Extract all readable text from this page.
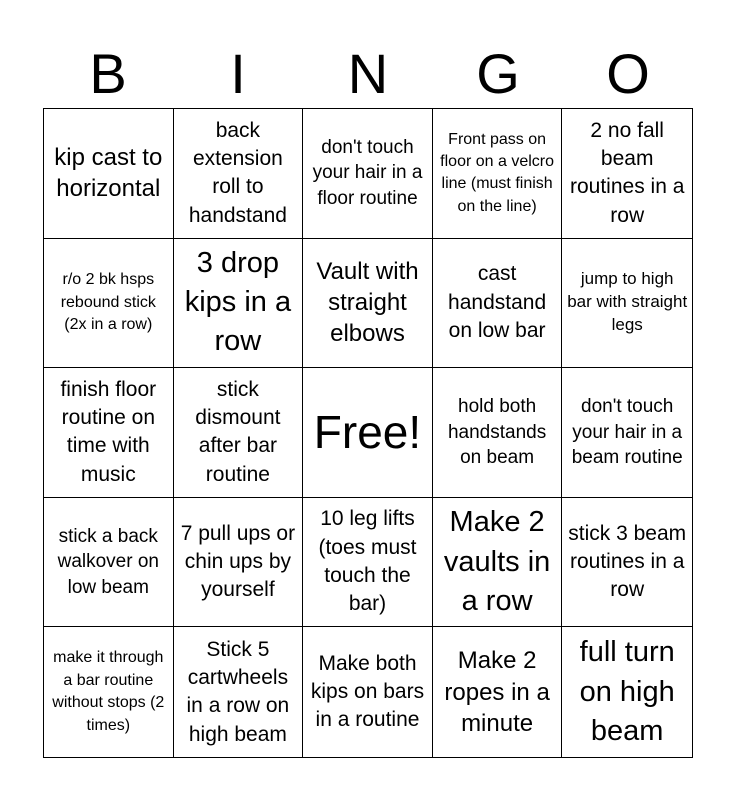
B	I	N	G	O
kip cast to horizontal
back extension roll to handstand
don't touch your hair in a floor routine
Front pass on floor on a velcro line (must finish on the line)
2 no fall beam routines in a row
r/o 2 bk hsps rebound stick (2x in a row)
3 drop kips in a row
Vault with straight elbows
cast handstand on low bar
jump to high bar with straight legs
finish floor routine on time with music
stick dismount after bar routine
Free!	hold both handstands on beam
don't touch your hair in a beam routine
stick a back walkover on low beam
7 pull ups or chin ups by yourself
10 leg lifts (toes must touch the bar)
Make 2 vaults in a row
stick 3 beam routines in a row
make it through a bar routine without stops (2 times)
Stick 5 cartwheels in a row on high beam
Make both kips on bars in a routine
Make 2 ropes in a minute
full turn on high beam
